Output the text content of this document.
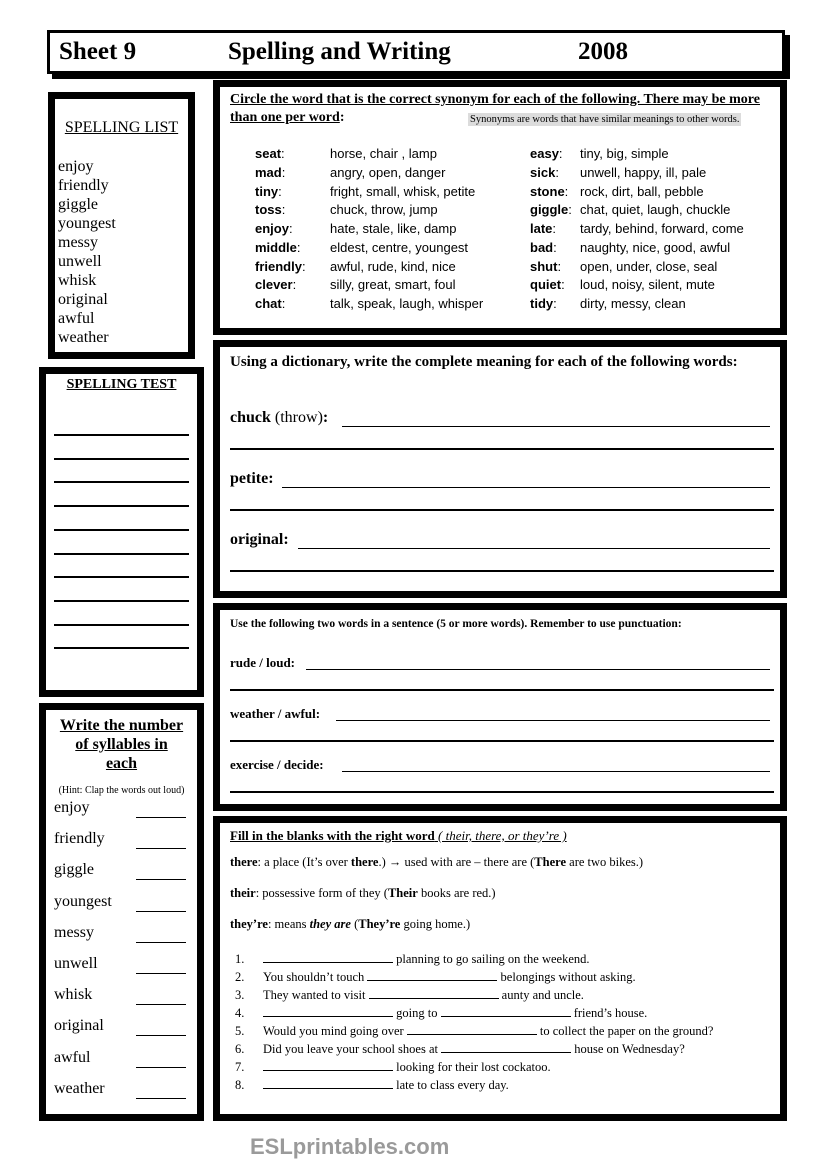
Sheet 9	Spelling and Writing	2008
SPELLING LIST
enjoy
friendly
giggle
youngest
messy
unwell
whisk
original
awful
weather
SPELLING TEST
Write the number
of syllables in
each
(Hint: Clap the words out loud)
enjoy
friendly
giggle
youngest
messy
unwell
whisk
original
awful
weather
Circle the word that is the correct synonym for each of the following. There may be more than one per word:	Synonyms are words that have similar meanings to other words.
seat:	horse, chair , lamp
mad:	angry, open, danger
tiny:	fright, small, whisk, petite
toss:	chuck, throw, jump
enjoy:	hate, stale, like, damp
middle: eldest, centre, youngest
friendly: awful, rude, kind, nice
clever:	silly, great, smart, foul
chat:	talk, speak, laugh, whisper
easy: tiny, big, simple
sick: unwell, happy, ill, pale
stone: rock, dirt, ball, pebble
giggle: chat, quiet, laugh, chuckle
late: tardy, behind, forward, come
bad: naughty, nice, good, awful
shut: open, under, close, seal
quiet: loud, noisy, silent, mute
tidy: dirty, messy, clean
Using a dictionary, write the complete meaning for each of the following words:
chuck (throw):
petite:
original:
Use the following two words in a sentence (5 or more words). Remember to use punctuation:
rude / loud:
weather / awful:
exercise / decide:
Fill in the blanks with the right word ( their, there, or they’re )
there: a place (It’s over there.) → used with are – there are (There are two bikes.)
their: possessive form of they (Their books are red.)
they’re: means they are (They’re going home.)
1.	planning to go sailing on the weekend.
2.	You shouldn’t touch	belongings without asking.
3.	They wanted to visit	aunty and uncle.
4.	going to	friend’s house.
5.	Would you mind going over	to collect the paper on the ground?
6.	Did you leave your school shoes at	house on Wednesday?
7.	looking for their lost cockatoo.
8.	late to class every day.
ESLprintables.com
